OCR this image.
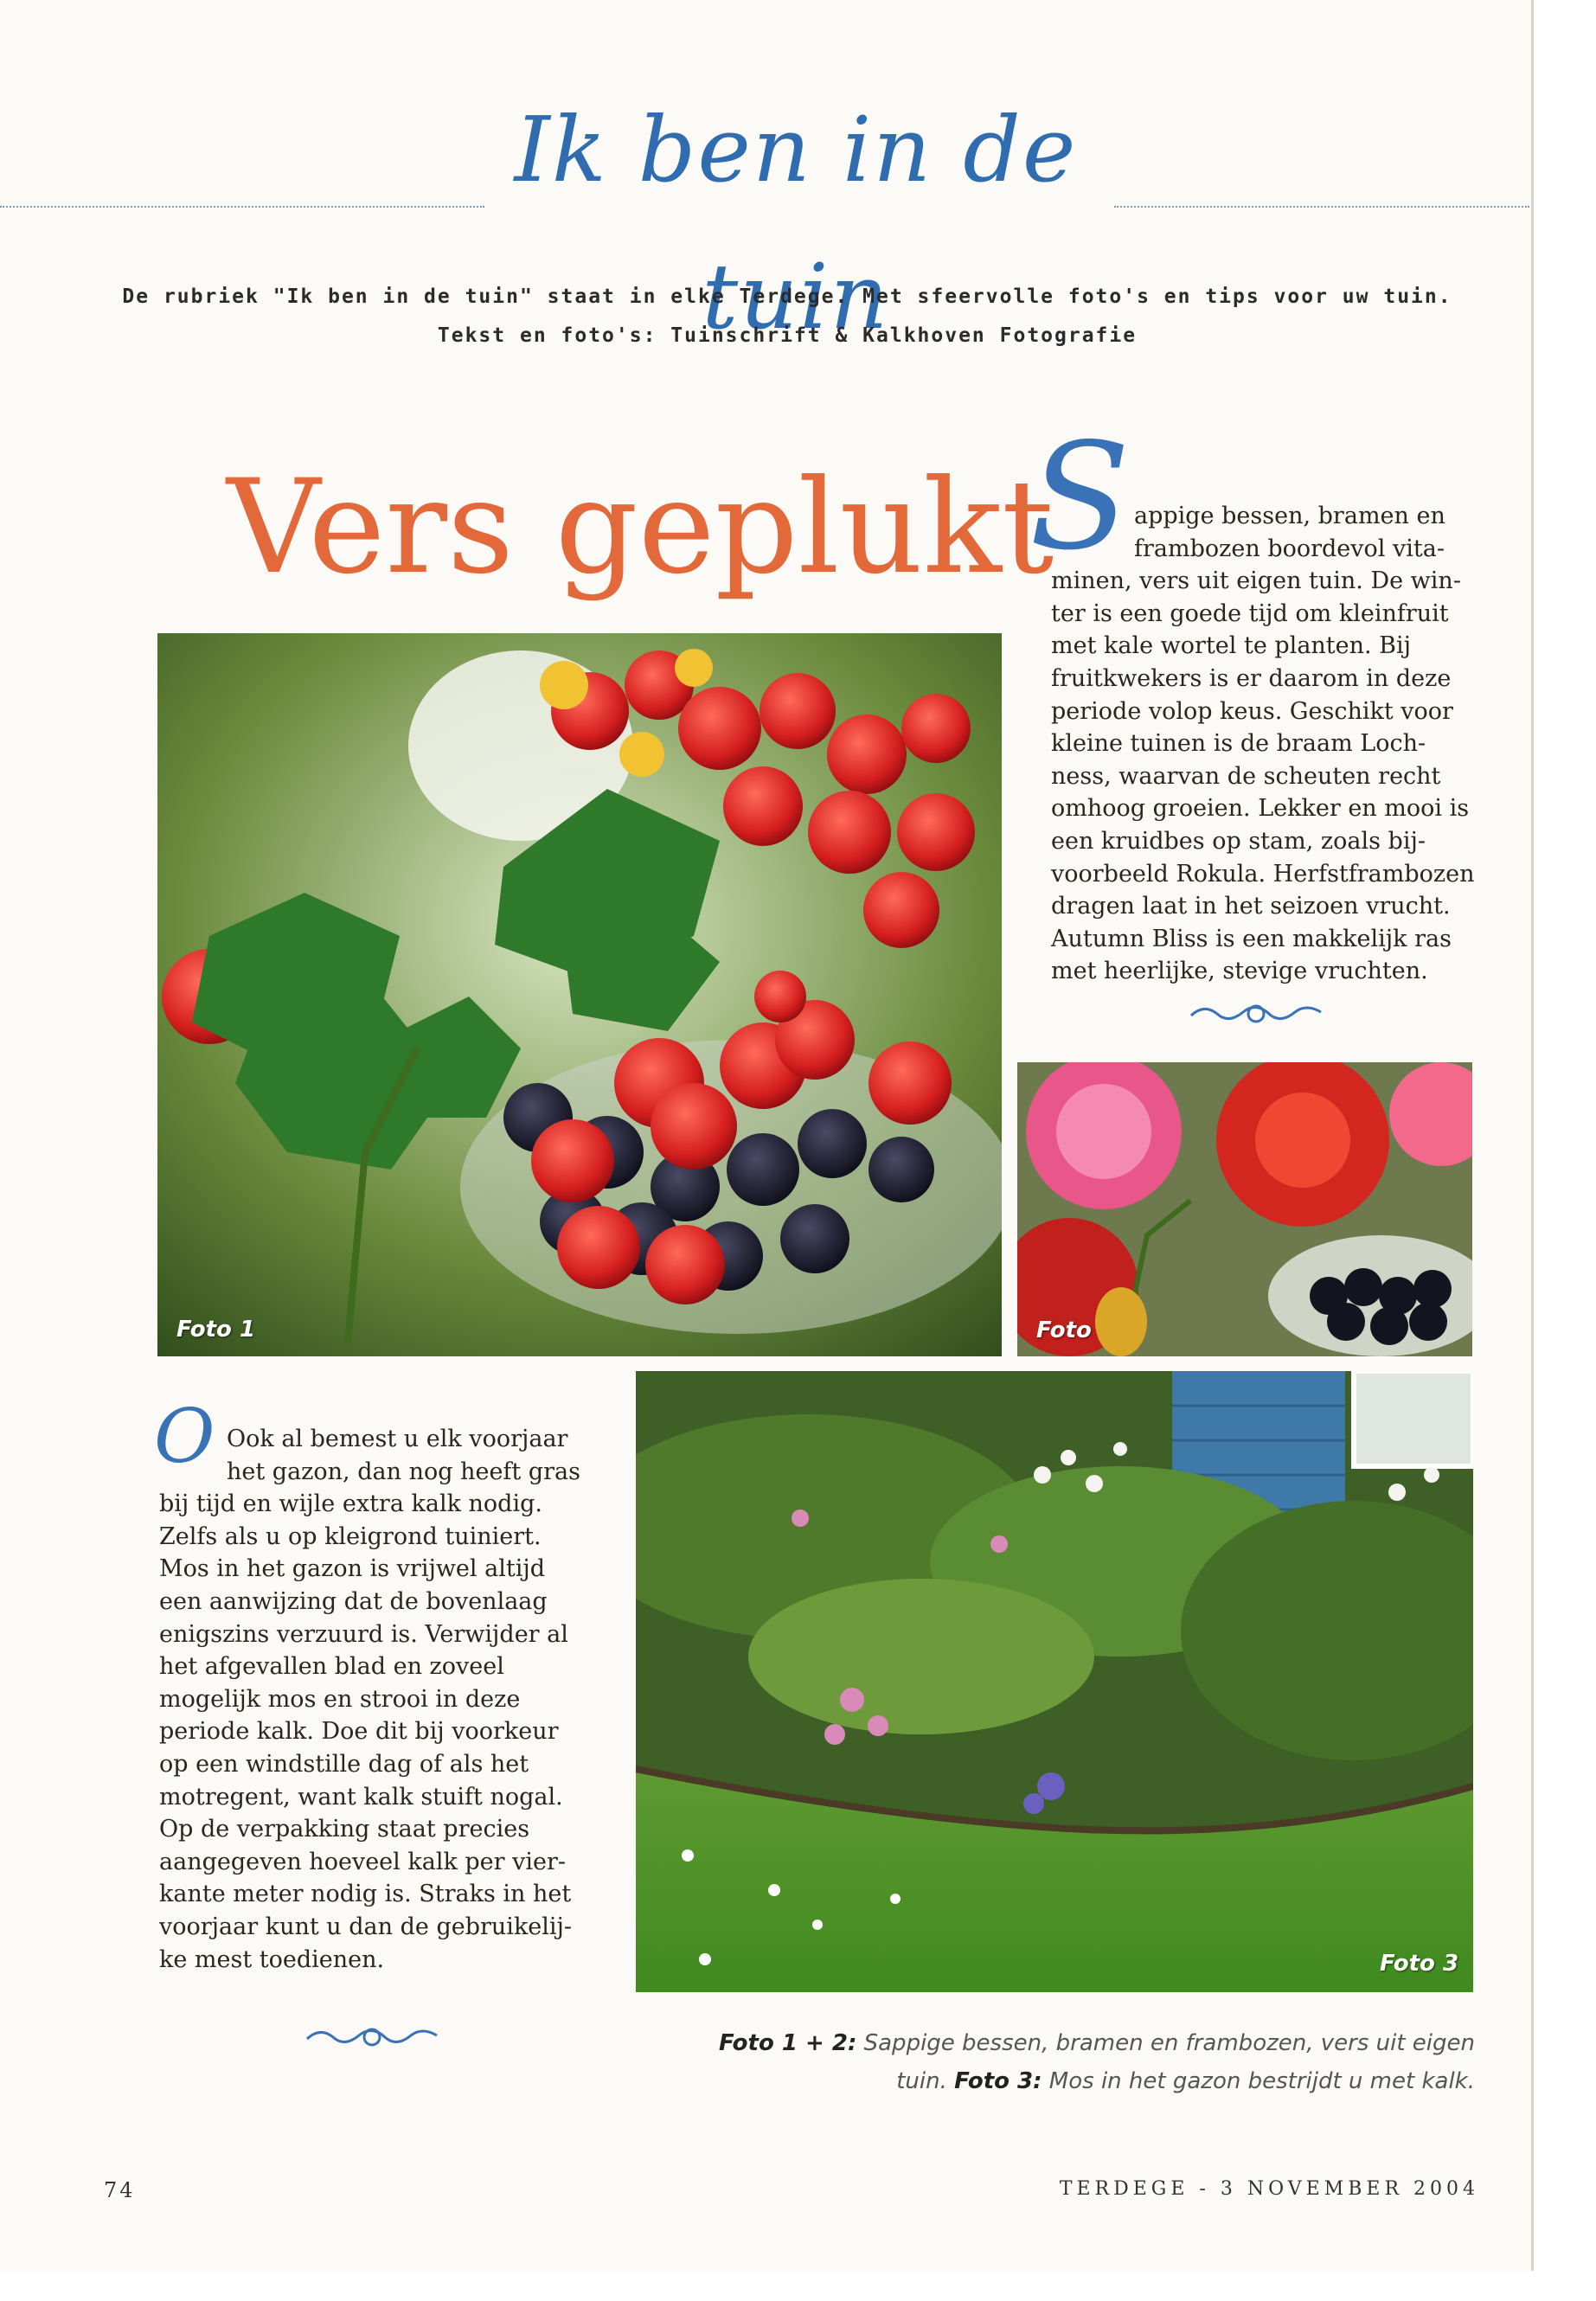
Ik ben in de tuin
De rubriek "Ik ben in de tuin" staat in elke Terdege. Met sfeervolle foto's en tips voor uw tuin.
Tekst en foto's: Tuinschrift & Kalkhoven Fotografie
Vers geplukt
S appige bessen, bramen en
frambozen boordevol vita-
minen, vers uit eigen tuin. De win-
ter is een goede tijd om kleinfruit
met kale wortel te planten. Bij
fruitkwekers is er daarom in deze
periode volop keus. Geschikt voor
kleine tuinen is de braam Loch-
ness, waarvan de scheuten recht
omhoog groeien. Lekker en mooi is
een kruidbes op stam, zoals bij-
voorbeeld Rokula. Herfstframbozen
dragen laat in het seizoen vrucht.
Autumn Bliss is een makkelijk ras
met heerlijke, stevige vruchten.
Foto 1	Foto
O Ook al bemest u elk voorjaar
het gazon, dan nog heeft gras
bij tijd en wijle extra kalk nodig.
Zelfs als u op kleigrond tuiniert.
Mos in het gazon is vrijwel altijd
een aanwijzing dat de bovenlaag
enigszins verzuurd is. Verwijder al
het afgevallen blad en zoveel
mogelijk mos en strooi in deze
periode kalk. Doe dit bij voorkeur
op een windstille dag of als het
motregent, want kalk stuift nogal.
Op de verpakking staat precies
aangegeven hoeveel kalk per vier-
kante meter nodig is. Straks in het
voorjaar kunt u dan de gebruikelij-
ke mest toedienen.	Foto 3
Foto 1 + 2: Sappige bessen, bramen en frambozen, vers uit eigen
tuin. Foto 3: Mos in het gazon bestrijdt u met kalk.
74	TERDEGE - 3 NOVEMBER 2004
